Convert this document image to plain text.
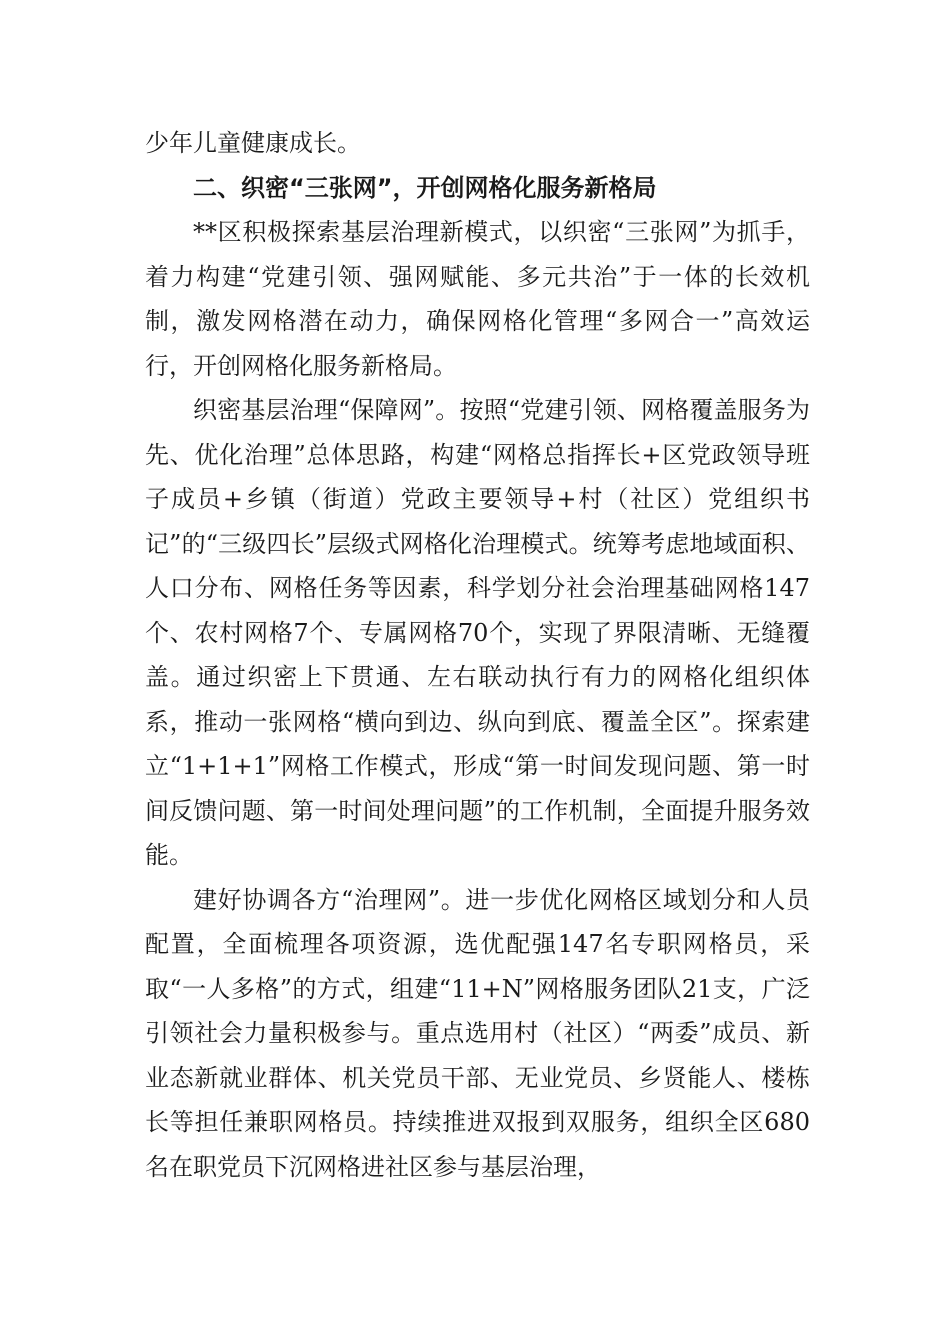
少年儿童健康成长。

二、织密“三张网”，开创网格化服务新格局

**区积极探索基层治理新模式，以织密“三张网”为抓手，着力构建“党建引领、强网赋能、多元共治”于一体的长效机制，激发网格潜在动力，确保网格化管理“多网合一”高效运行，开创网格化服务新格局。

织密基层治理“保障网”。按照“党建引领、网格覆盖服务为先、优化治理”总体思路，构建“网格总指挥长+区党政领导班子成员+乡镇（街道）党政主要领导+村（社区）党组织书记”的“三级四长”层级式网格化治理模式。统筹考虑地域面积、人口分布、网格任务等因素，科学划分社会治理基础网格147个、农村网格7个、专属网格70个，实现了界限清晰、无缝覆盖。通过织密上下贯通、左右联动执行有力的网格化组织体系，推动一张网格“横向到边、纵向到底、覆盖全区”。探索建立“1+1+1”网格工作模式，形成“第一时间发现问题、第一时间反馈问题、第一时间处理问题”的工作机制，全面提升服务效能。

建好协调各方“治理网”。进一步优化网格区域划分和人员配置，全面梳理各项资源，选优配强147名专职网格员，采取“一人多格”的方式，组建“11+N”网格服务团队21支，广泛引领社会力量积极参与。重点选用村（社区）“两委”成员、新业态新就业群体、机关党员干部、无业党员、乡贤能人、楼栋长等担任兼职网格员。持续推进双报到双服务，组织全区680名在职党员下沉网格进社区参与基层治理，
